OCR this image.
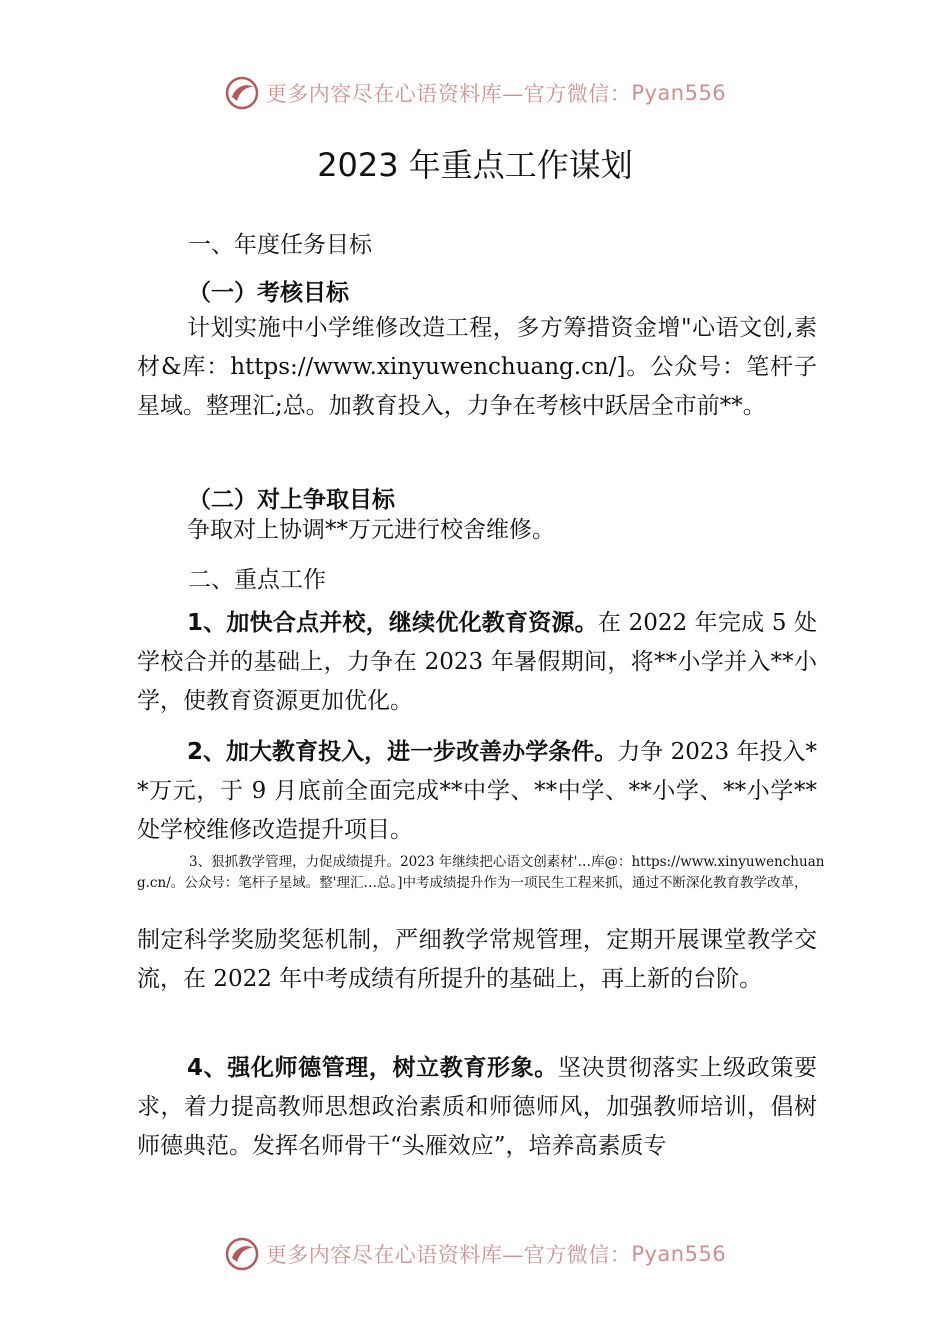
更多内容尽在心语资料库—官方微信： Pyan556
2023 年重点工作谋划
一、年度任务目标
（一）考核目标
计划实施中小学维修改造工程，多方筹措资金增"心语文创,素材&库：https://www.xinyuwenchuang.cn/]。公众号：笔杆子星域。整理汇;总。加教育投入，力争在考核中跃居全市前**。
（二）对上争取目标
争取对上协调**万元进行校舍维修。
二、重点工作
1、加快合点并校，继续优化教育资源。在 2022 年完成 5 处学校合并的基础上，力争在 2023 年暑假期间，将**小学并入**小学，使教育资源更加优化。
2、加大教育投入，进一步改善办学条件。力争 2023 年投入**万元，于 9 月底前全面完成**中学、**中学、**小学、**小学**处学校维修改造提升项目。
3、狠抓教学管理，力促成绩提升。2023 年继续把心语文创素材'…库@：https://www.xinyuwenchuang.cn/。公众号：笔杆子星域。整'理汇…总。]中考成绩提升作为一项民生工程来抓，通过不断深化教育教学改革，
制定科学奖励奖惩机制，严细教学常规管理，定期开展课堂教学交流，在 2022 年中考成绩有所提升的基础上，再上新的台阶。
4、强化师德管理，树立教育形象。坚决贯彻落实上级政策要求，着力提高教师思想政治素质和师德师风，加强教师培训，倡树师德典范。发挥名师骨干“头雁效应”，培养高素质专
更多内容尽在心语资料库—官方微信： Pyan556
